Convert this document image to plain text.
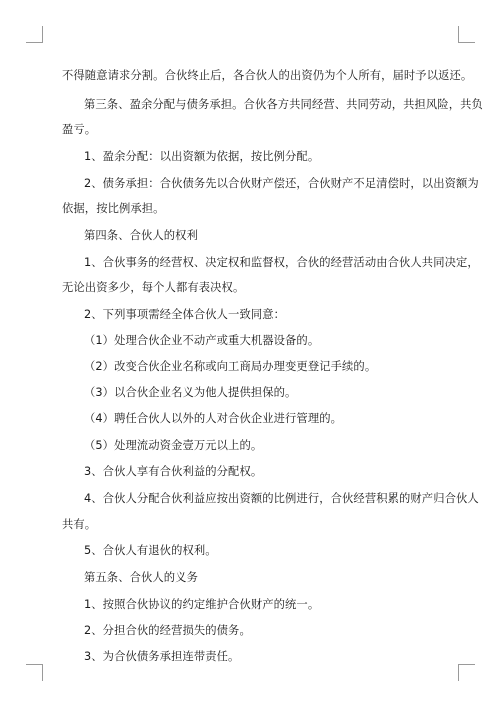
不得随意请求分割。合伙终止后，各合伙人的出资仍为个人所有，届时予以返还。
第三条、盈余分配与债务承担。合伙各方共同经营、共同劳动，共担风险，共负
盈亏。
1、盈余分配：以出资额为依据，按比例分配。
2、债务承担：合伙债务先以合伙财产偿还，合伙财产不足清偿时，以出资额为
依据，按比例承担。
第四条、合伙人的权利
1、合伙事务的经营权、决定权和监督权，合伙的经营活动由合伙人共同决定，
无论出资多少，每个人都有表决权。
2、下列事项需经全体合伙人一致同意：
（1）处理合伙企业不动产或重大机器设备的。
（2）改变合伙企业名称或向工商局办理变更登记手续的。
（3）以合伙企业名义为他人提供担保的。
（4）聘任合伙人以外的人对合伙企业进行管理的。
（5）处理流动资金壹万元以上的。
3、合伙人享有合伙利益的分配权。
4、合伙人分配合伙利益应按出资额的比例进行，合伙经营积累的财产归合伙人
共有。
5、合伙人有退伙的权利。
第五条、合伙人的义务
1、按照合伙协议的约定维护合伙财产的统一。
2、分担合伙的经营损失的债务。
3、为合伙债务承担连带责任。
